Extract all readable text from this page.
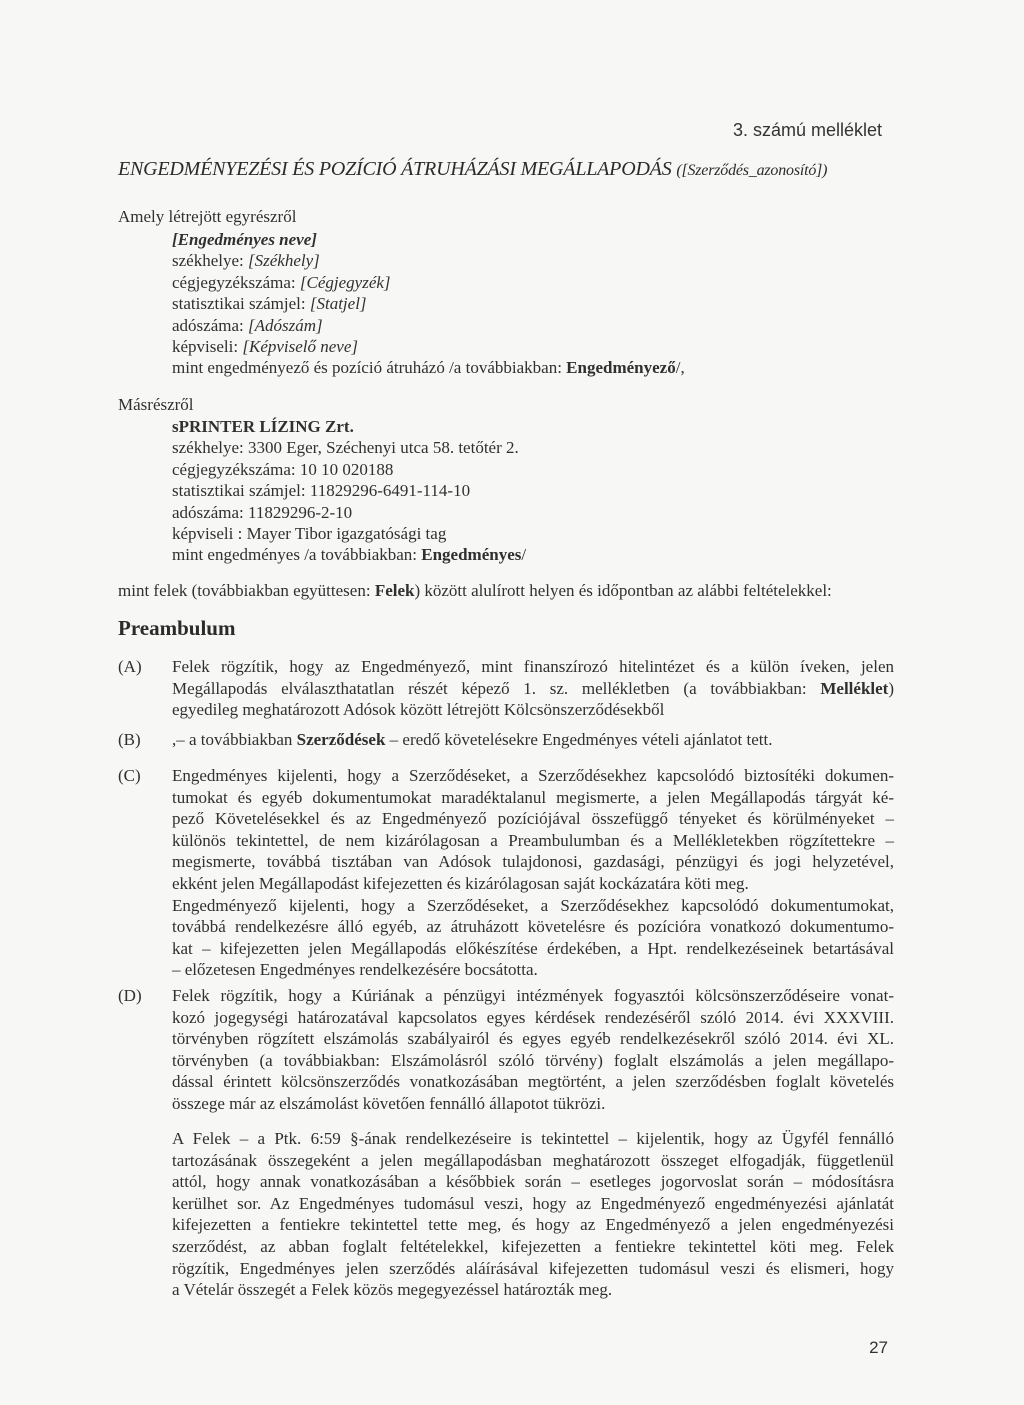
3. számú melléklet
ENGEDMÉNYEZÉSI ÉS POZÍCIÓ ÁTRUHÁZÁSI MEGÁLLAPODÁS ([Szerződés_azonosító])
Amely létrejött egyrészről
[Engedményes neve]
székhelye: [Székhely]
cégjegyzékszáma: [Cégjegyzék]
statisztikai számjel: [Statjel]
adószáma: [Adószám]
képviseli: [Képviselő neve]
mint engedményező és pozíció átruházó /a továbbiakban: Engedményező/,
Másrészről
sPRINTER LÍZING Zrt.
székhelye: 3300 Eger, Széchenyi utca 58. tetőtér 2.
cégjegyzékszáma: 10 10 020188
statisztikai számjel: 11829296-6491-114-10
adószáma: 11829296-2-10
képviseli : Mayer Tibor igazgatósági tag
mint engedményes /a továbbiakban: Engedményes/
mint felek (továbbiakban együttesen: Felek) között alulírott helyen és időpontban az alábbi feltételekkel:
Preambulum
(A) Felek rögzítik, hogy az Engedményező, mint finanszírozó hitelintézet és a külön íveken, jelen
Megállapodás elválaszthatatlan részét képező 1. sz. mellékletben (a továbbiakban: Melléklet)
egyedileg meghatározott Adósok között létrejött Kölcsönszerződésekből
(B) ,– a továbbiakban Szerződések – eredő követelésekre Engedményes vételi ajánlatot tett.
(C) Engedményes kijelenti, hogy a Szerződéseket, a Szerződésekhez kapcsolódó biztosítéki dokumen-
tumokat és egyéb dokumentumokat maradéktalanul megismerte, a jelen Megállapodás tárgyát ké-
pező Követelésekkel és az Engedményező pozíciójával összefüggő tényeket és körülményeket –
különös tekintettel, de nem kizárólagosan a Preambulumban és a Mellékletekben rögzítettekre –
megismerte, továbbá tisztában van Adósok tulajdonosi, gazdasági, pénzügyi és jogi helyzetével,
ekként jelen Megállapodást kifejezetten és kizárólagosan saját kockázatára köti meg.
Engedményező kijelenti, hogy a Szerződéseket, a Szerződésekhez kapcsolódó dokumentumokat,
továbbá rendelkezésre álló egyéb, az átruházott követelésre és pozícióra vonatkozó dokumentumo-
kat – kifejezetten jelen Megállapodás előkészítése érdekében, a Hpt. rendelkezéseinek betartásával
– előzetesen Engedményes rendelkezésére bocsátotta.
(D) Felek rögzítik, hogy a Kúriának a pénzügyi intézmények fogyasztói kölcsönszerződéseire vonat-
kozó jogegységi határozatával kapcsolatos egyes kérdések rendezéséről szóló 2014. évi XXXVIII.
törvényben rögzített elszámolás szabályairól és egyes egyéb rendelkezésekről szóló 2014. évi XL.
törvényben (a továbbiakban: Elszámolásról szóló törvény) foglalt elszámolás a jelen megállapo-
dással érintett kölcsönszerződés vonatkozásában megtörtént, a jelen szerződésben foglalt követelés
összege már az elszámolást követően fennálló állapotot tükrözi.
A Felek – a Ptk. 6:59 §-ának rendelkezéseire is tekintettel – kijelentik, hogy az Ügyfél fennálló
tartozásának összegeként a jelen megállapodásban meghatározott összeget elfogadják, függetlenül
attól, hogy annak vonatkozásában a későbbiek során – esetleges jogorvoslat során – módosításra
kerülhet sor. Az Engedményes tudomásul veszi, hogy az Engedményező engedményezési ajánlatát
kifejezetten a fentiekre tekintettel tette meg, és hogy az Engedményező a jelen engedményezési
szerződést, az abban foglalt feltételekkel, kifejezetten a fentiekre tekintettel köti meg. Felek
rögzítik, Engedményes jelen szerződés aláírásával kifejezetten tudomásul veszi és elismeri, hogy
a Vételár összegét a Felek közös megegyezéssel határozták meg.
27
